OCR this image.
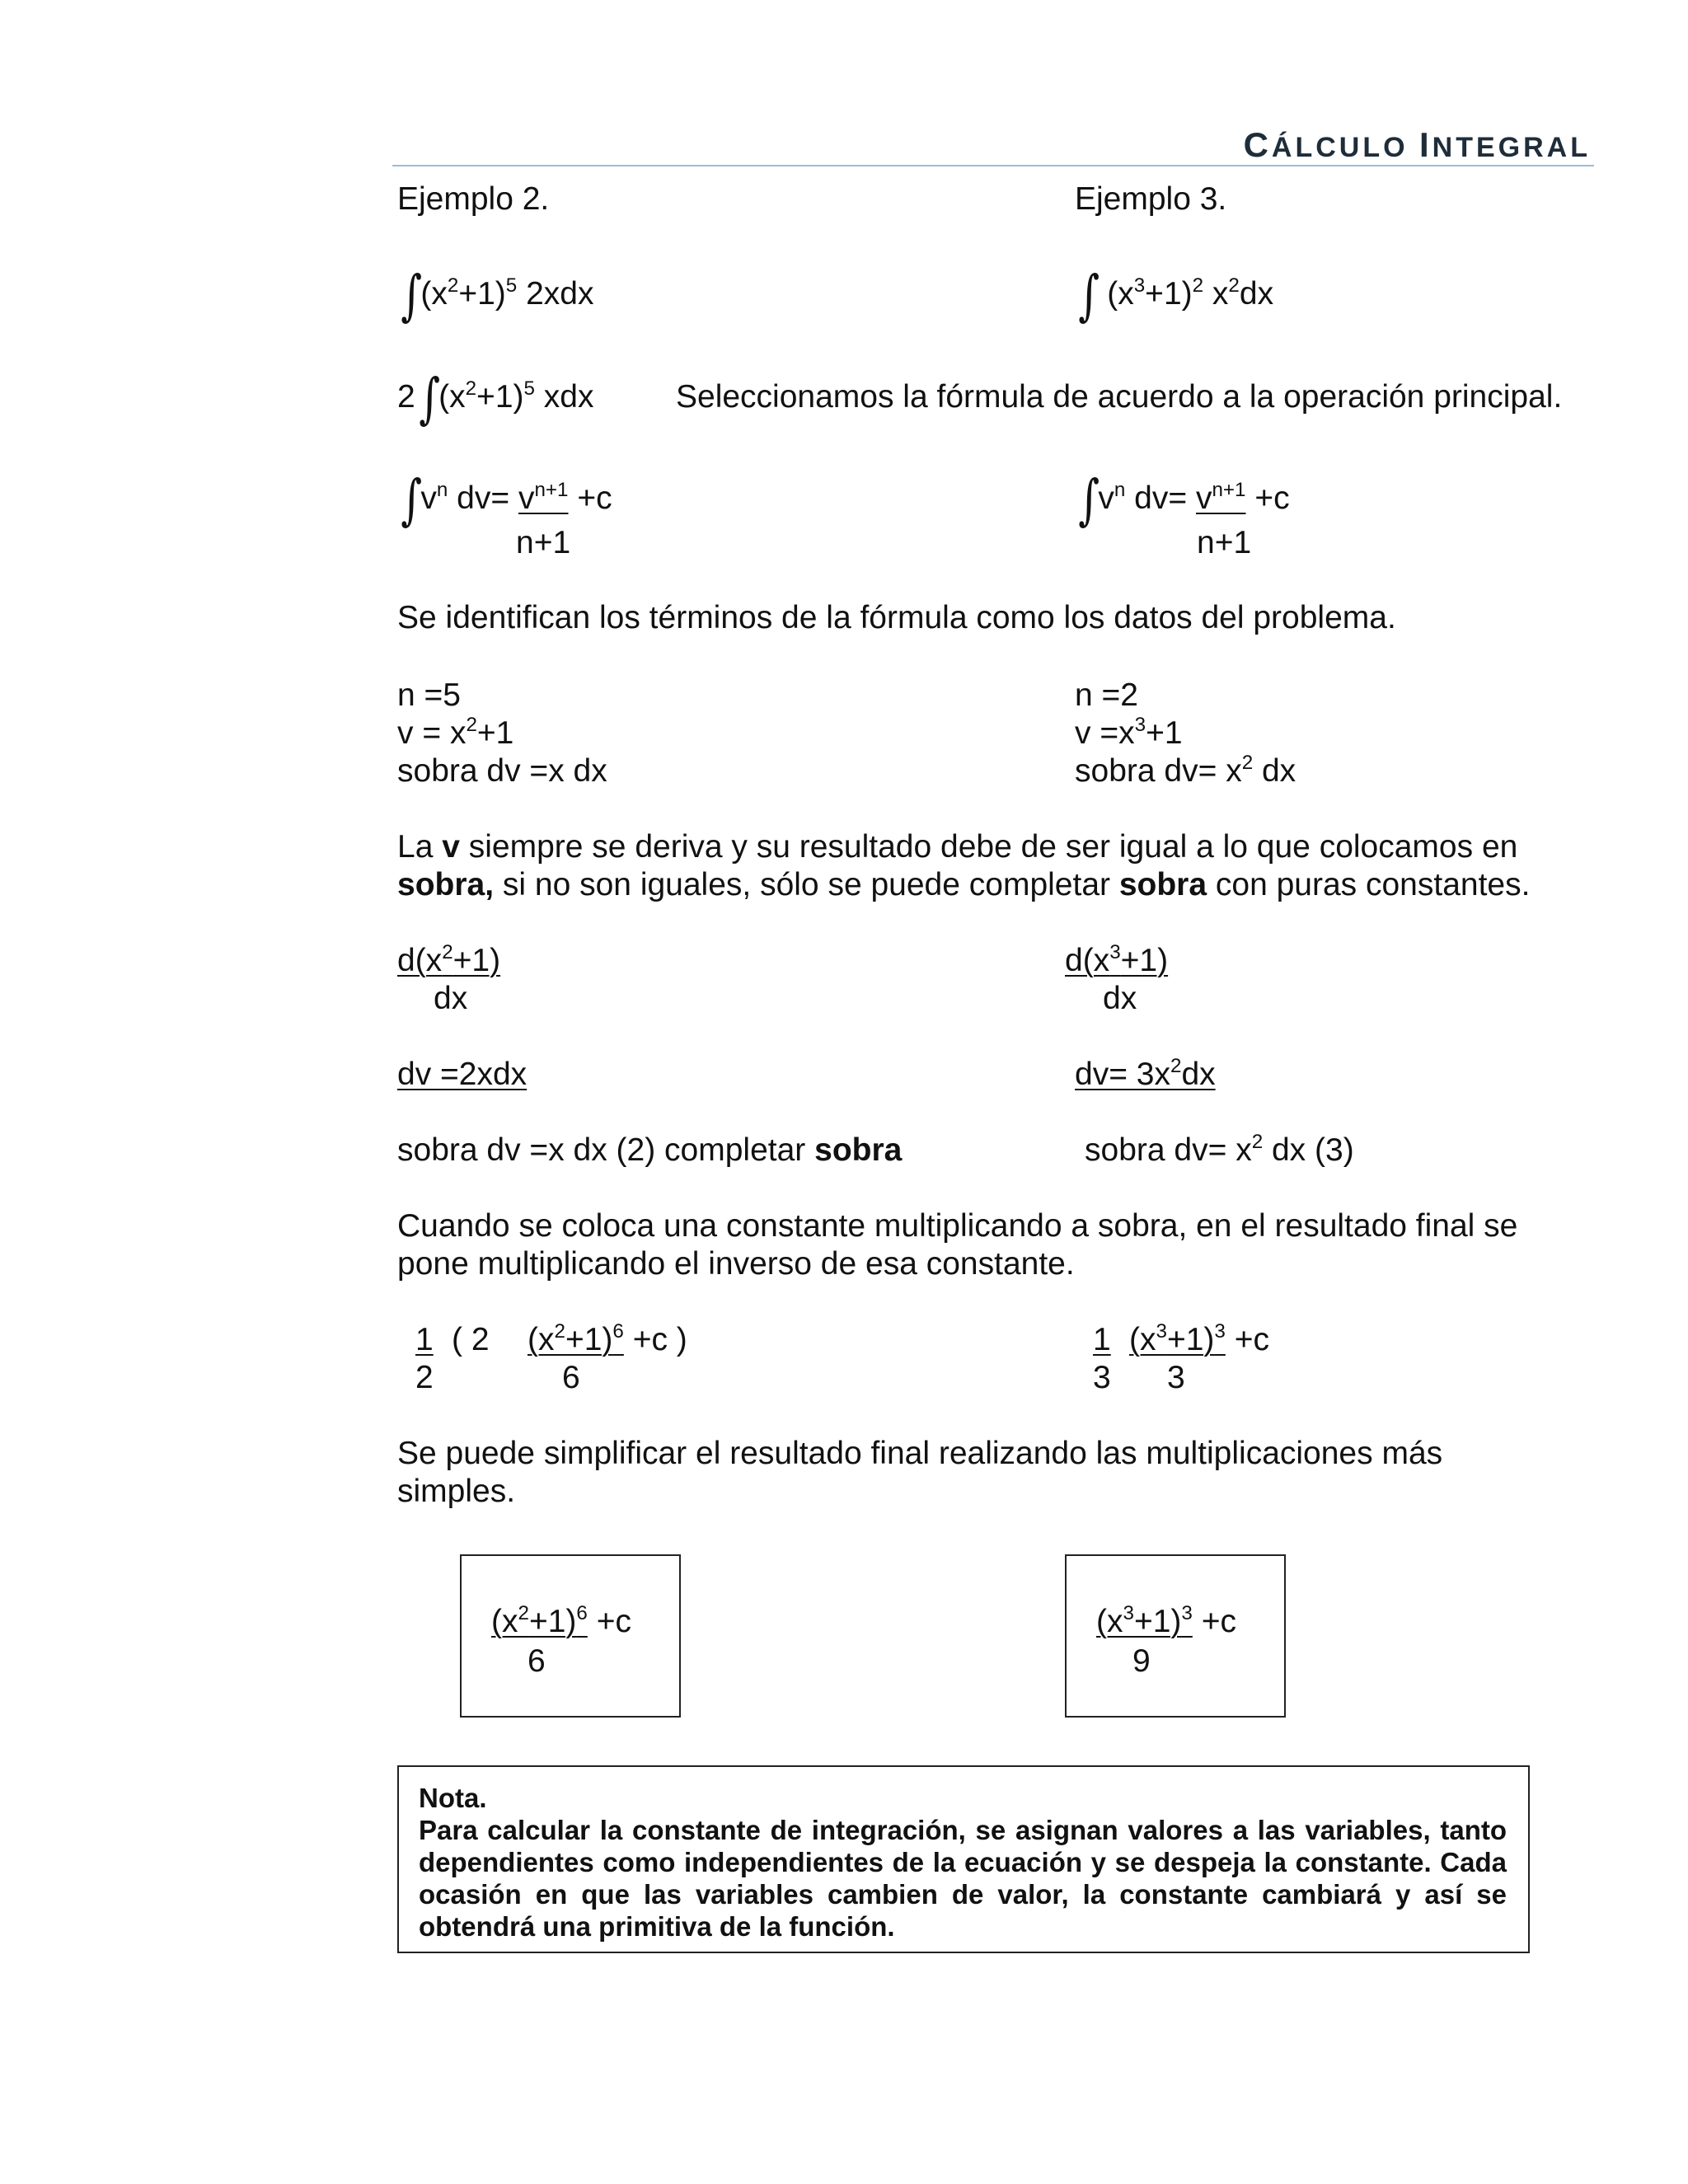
CÁLCULO INTEGRAL
Ejemplo 2.	Ejemplo 3.
$\int(x^2+1)^5$ 2xdx	∫ $(x^3+1)^2$ $x^2dx$
$2\int(x^2+1)^5$ xdx	Seleccionamos la fórmula de acuerdo a la operación principal.
$\int v^n$ $dv= v^{n+1} +c$
n+1
$\int v^n$ $dv= v^{n+1} +c$
n+1
Se identifican los términos de la fórmula como los datos del problema.
n =5
$v = x^2+1$
sobra dv =x dx
n =2
$v =x^3+1$
sobra $dv= x^2$ dx
La v siempre se deriva y su resultado debe de ser igual a lo que colocamos en
sobra, si no son iguales, sólo se puede completar sobra con puras constantes.
$d(x^2+1)$
dx
$d(x^3+1)$
dx
dv =2xdx	$dv= 3x^2dx$
sobra dv =x dx (2) completar sobra	sobra $dv= x^2$ dx (3)
Cuando se coloca una constante multiplicando a sobra, en el resultado final se
pone multiplicando el inverso de esa constante.
1
2
( 2 $(x^2+1)^6 +c$ )
6
1
3
$(x^3+1)^3 +c$
3
Se puede simplificar el resultado final realizando las multiplicaciones más
simples.
$(x^2+1)^6 +c$
6
$(x^3+1)^3 +c$
9
Nota.
Para calcular la constante de integración, se asignan valores a las variables, tanto dependientes como independientes de la ecuación y se despeja la constante. Cada ocasión en que las variables cambien de valor, la constante cambiará y así se obtendrá una primitiva de la función.
